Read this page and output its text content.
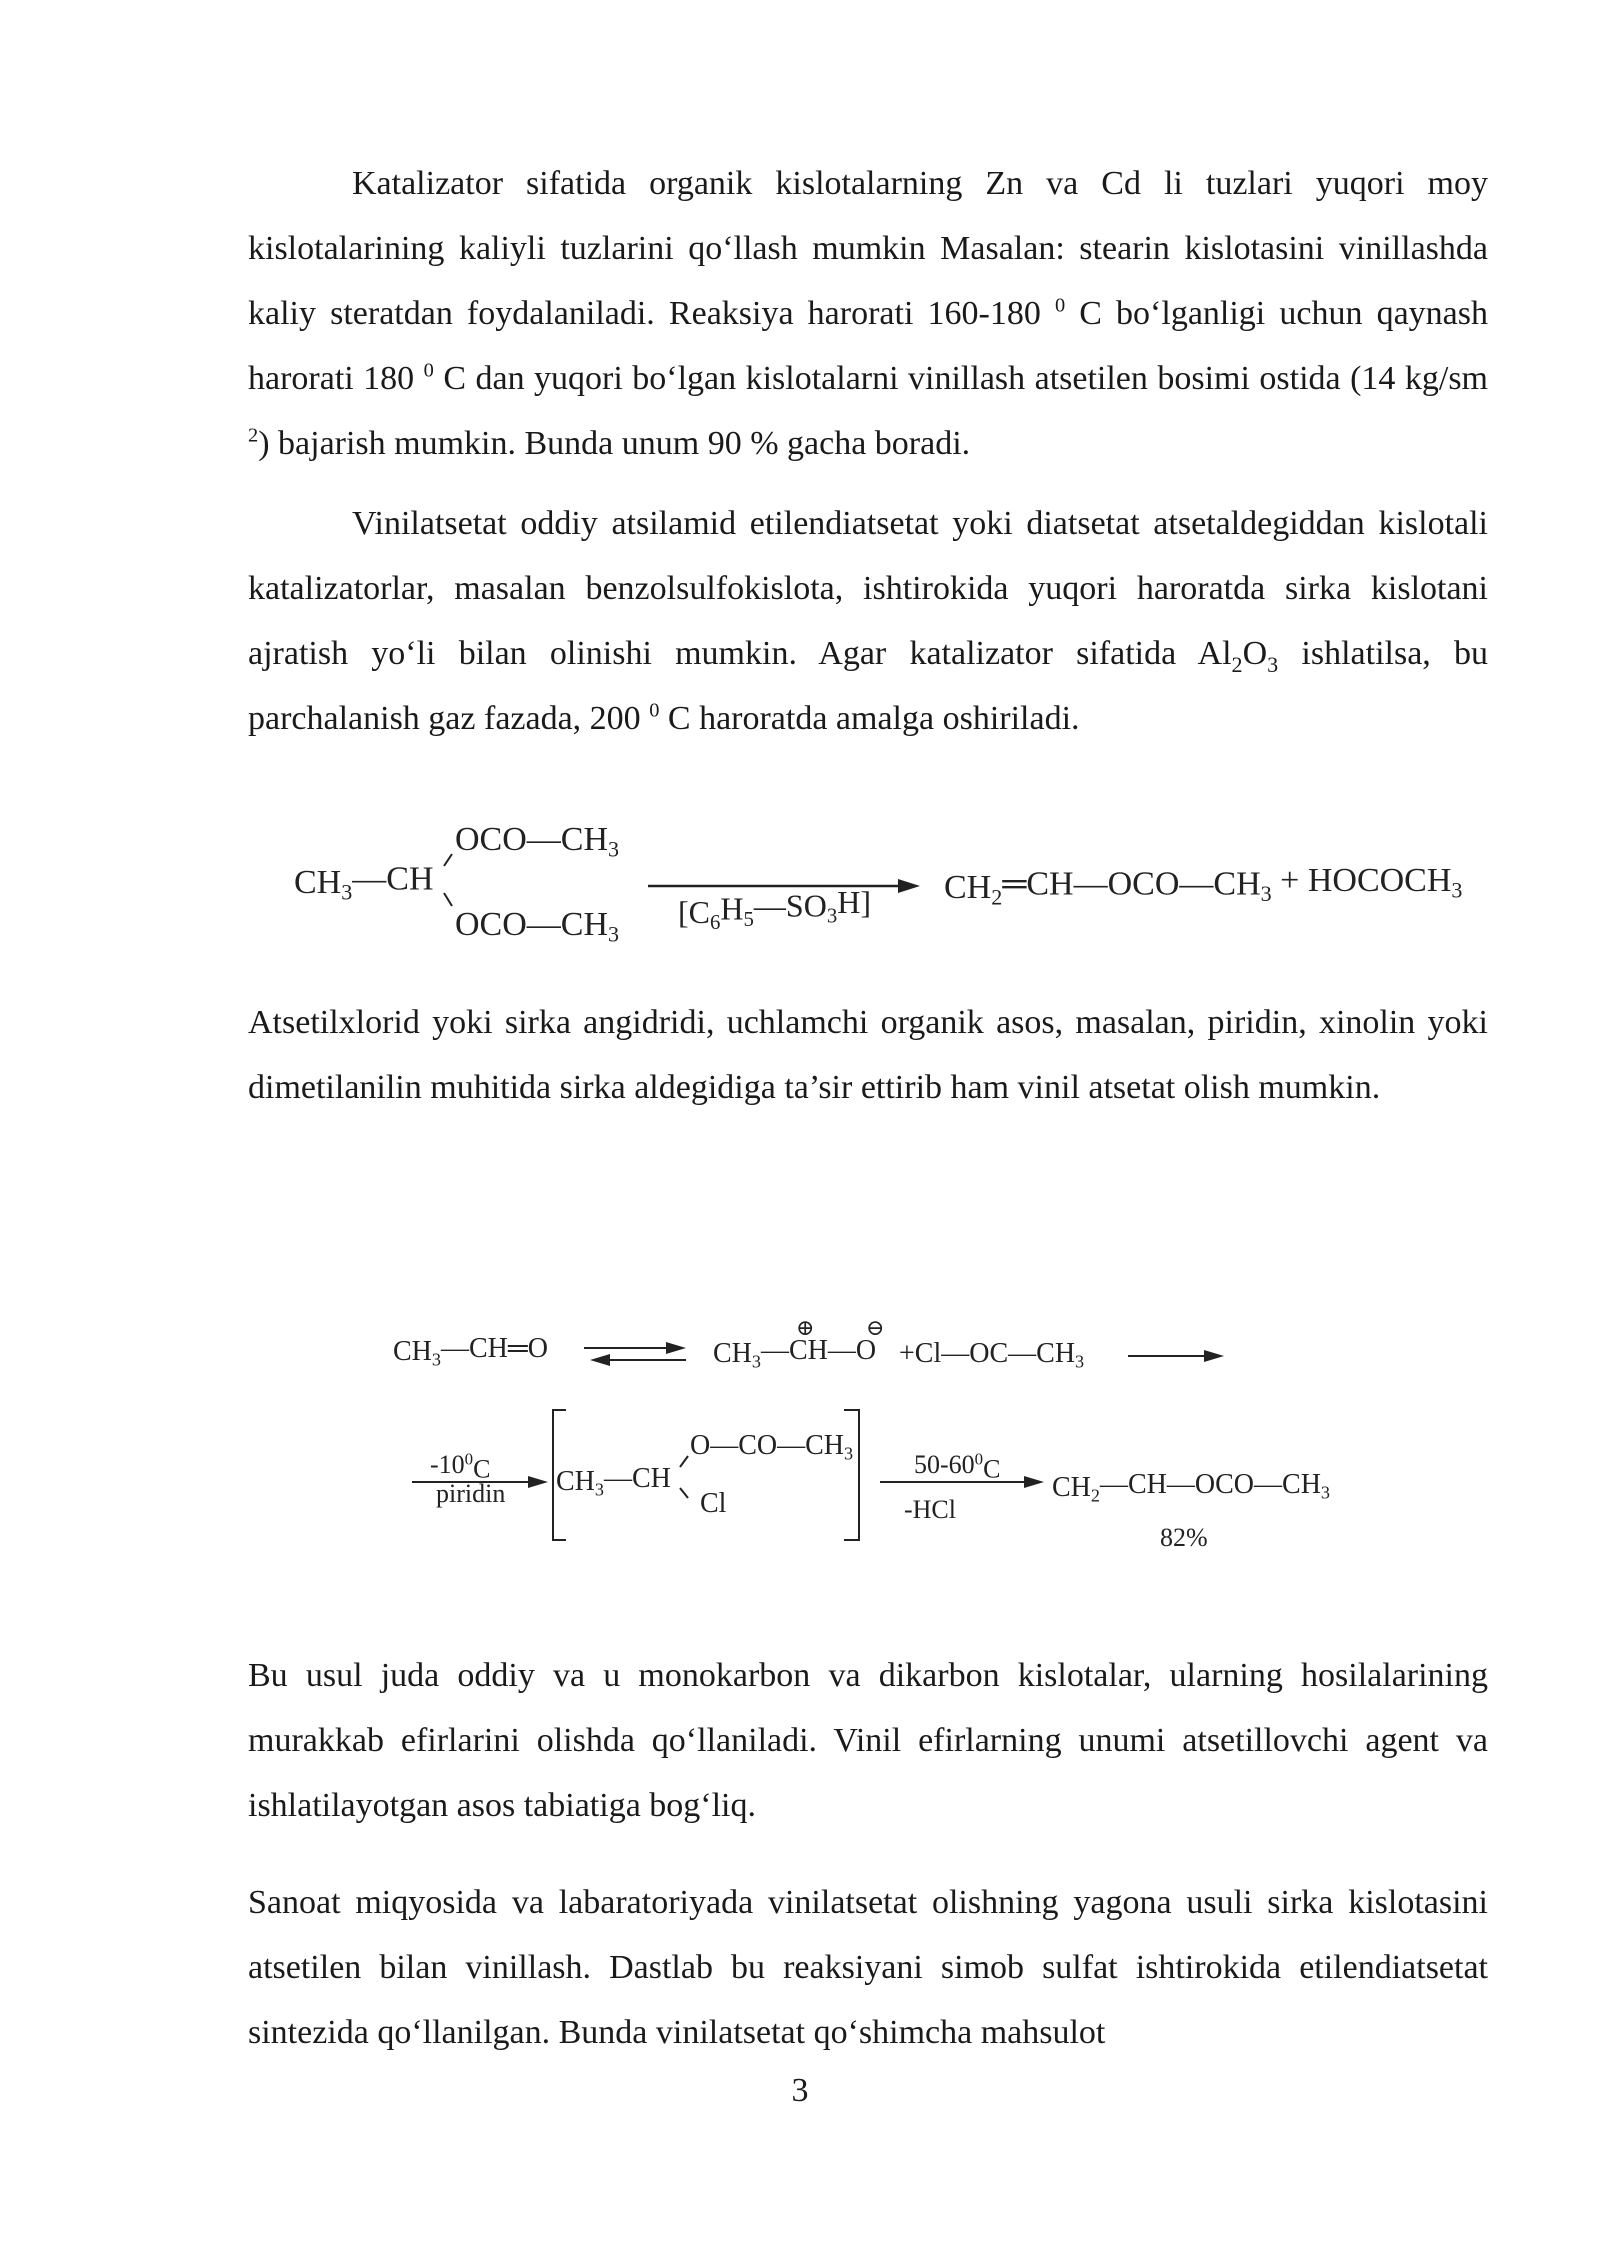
Katalizator sifatida organik kislotalarning Zn va Cd li tuzlari yuqori moy kislotalarining kaliyli tuzlarini qo‘llash mumkin Masalan: stearin kislotasini vinillashda kaliy steratdan foydalaniladi. Reaksiya harorati 160-180 $^0$ C bo‘lganligi uchun qaynash harorati 180 $^0$ C dan yuqori bo‘lgan kislotalarni vinillash atsetilen bosimi ostida (14 kg/sm $^2$) bajarish mumkin. Bunda unum 90 % gacha boradi.

Vinilatsetat oddiy atsilamid etilendiatsetat yoki diatsetat atsetaldegiddan kislotali katalizatorlar, masalan benzolsulfokislota, ishtirokida yuqori haroratda sirka kislotani ajratish yo‘li bilan olinishi mumkin. Agar katalizator sifatida $Al_2O_3$ ishlatilsa, bu parchalanish gaz fazada, 200 $^0$ C haroratda amalga oshiriladi.

Atsetilxlorid yoki sirka angidridi, uchlamchi organik asos, masalan, piridin, xinolin yoki dimetilanilin muhitida sirka aldegidiga ta’sir ettirib ham vinil atsetat olish mumkin.

Bu usul juda oddiy va u monokarbon va dikarbon kislotalar, ularning hosilalarining murakkab efirlarini olishda qo‘llaniladi. Vinil efirlarning unumi atsetillovchi agent va ishlatilayotgan asos tabiatiga bog‘liq.

Sanoat miqyosida va labaratoriyada vinilatsetat olishning yagona usuli sirka kislotasini atsetilen bilan vinillash. Dastlab bu reaksiyani simob sulfat ishtirokida etilendiatsetat sintezida qo‘llanilgan. Bunda vinilatsetat qo‘shimcha mahsulot

CH3—CH
OCO—CH3
OCO—CH3
[C6H5—SO3H] CH2═CH—OCO—CH3 + HOCOCH3
CH3—CH═O	CH3—CH—O
⊕ ⊖
+Cl—OC—CH3
$-10^0C$
piridin CH3—CH
O—CO—CH3
Cl
$50-60^0C$
-HCl
CH2—CH—OCO—CH3
82%
3
